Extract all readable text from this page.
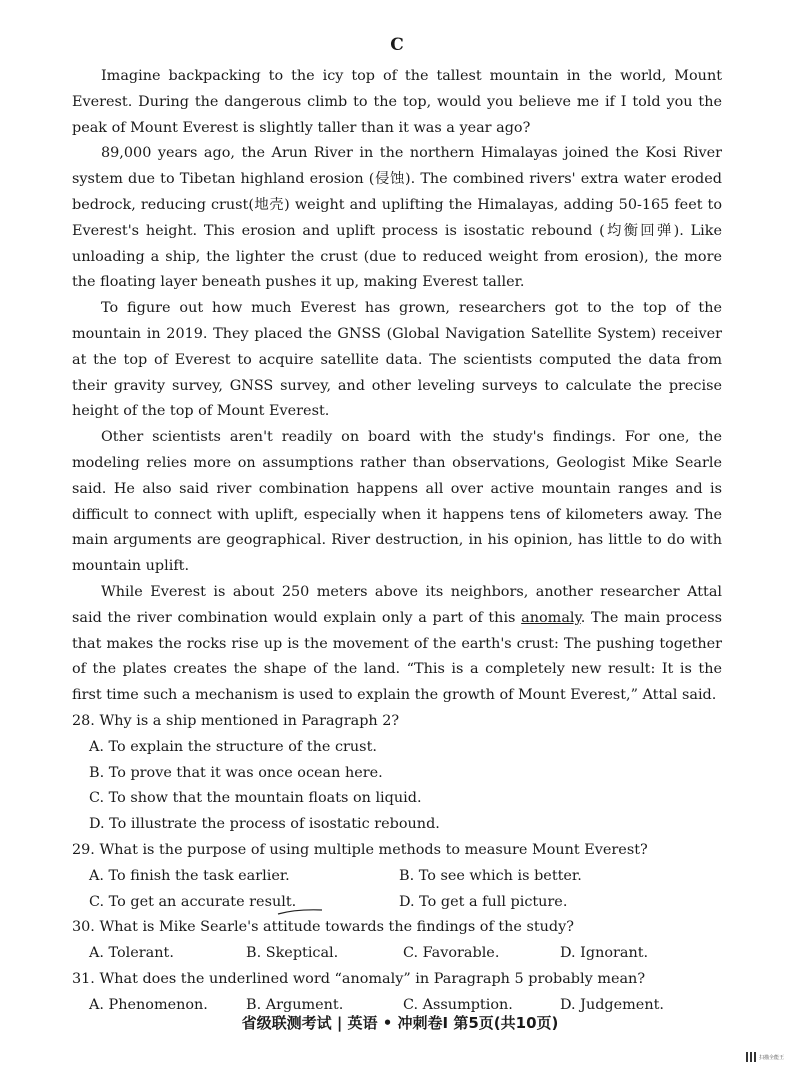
C

Imagine backpacking to the icy top of the tallest mountain in the world, Mount Everest. During the dangerous climb to the top, would you believe me if I told you the peak of Mount Everest is slightly taller than it was a year ago?

89,000 years ago, the Arun River in the northern Himalayas joined the Kosi River system due to Tibetan highland erosion (侵蚀). The combined rivers' extra water eroded bedrock, reducing crust(地壳) weight and uplifting the Himalayas, adding 50-165 feet to Everest's height. This erosion and uplift process is isostatic rebound (均衡回弹). Like unloading a ship, the lighter the crust (due to reduced weight from erosion), the more the floating layer beneath pushes it up, making Everest taller.

To figure out how much Everest has grown, researchers got to the top of the mountain in 2019. They placed the GNSS (Global Navigation Satellite System) receiver at the top of Everest to acquire satellite data. The scientists computed the data from their gravity survey, GNSS survey, and other leveling surveys to calculate the precise height of the top of Mount Everest.

Other scientists aren't readily on board with the study's findings. For one, the modeling relies more on assumptions rather than observations, Geologist Mike Searle said. He also said river combination happens all over active mountain ranges and is difficult to connect with uplift, especially when it happens tens of kilometers away. The main arguments are geographical. River destruction, in his opinion, has little to do with mountain uplift.

While Everest is about 250 meters above its neighbors, another researcher Attal said the river combination would explain only a part of this anomaly. The main process that makes the rocks rise up is the movement of the earth's crust: The pushing together of the plates creates the shape of the land. “This is a completely new result: It is the first time such a mechanism is used to explain the growth of Mount Everest,” Attal said.

28. Why is a ship mentioned in Paragraph 2?

A. To explain the structure of the crust.

B. To prove that it was once ocean here.

C. To show that the mountain floats on liquid.

D. To illustrate the process of isostatic rebound.

29. What is the purpose of using multiple methods to measure Mount Everest?

A. To finish the task earlier.	B. To see which is better.
C. To get an accurate result.	D. To get a full picture.

30. What is Mike Searle's attitude towards the findings of the study?

A. Tolerant.	B. Skeptical.	C. Favorable.	D. Ignorant.

31. What does the underlined word “anomaly” in Paragraph 5 probably mean?

A. Phenomenon.	B. Argument.	C. Assumption.	D. Judgement.
省级联测考试 | 英语 • 冲刺卷Ⅰ 第5页(共10页)
扫描全能王
